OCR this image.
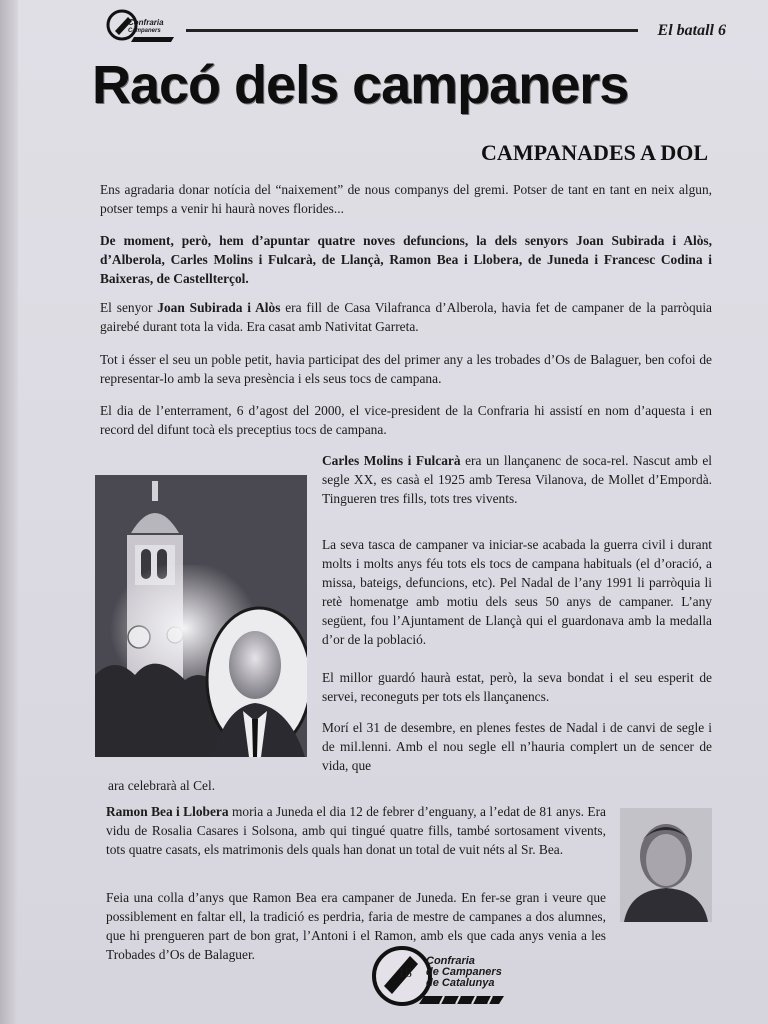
Confraria
Campaners	El batall 6
Racó dels campaners
CAMPANADES A DOL
Ens agradaria donar notícia del “naixement” de nous companys del gremi. Potser de tant en tant en neix algun, potser temps a venir hi haurà noves florides...
De moment, però, hem d’apuntar quatre noves defuncions, la dels senyors Joan Subirada i Alòs, d’Alberola, Carles Molins i Fulcarà, de Llançà, Ramon Bea i Llobera, de Juneda i Francesc Codina i Baixeras, de Castellterçol.
El senyor Joan Subirada i Alòs era fill de Casa Vilafranca d’Alberola, havia fet de campaner de la parròquia gairebé durant tota la vida. Era casat amb Nativitat Garreta.
Tot i ésser el seu un poble petit, havia participat des del primer any a les trobades d’Os de Balaguer, ben cofoi de representar-lo amb la seva presència i els seus tocs de campana.
El dia de l’enterrament, 6 d’agost del 2000, el vice-president de la Confraria hi assistí en nom d’aquesta i en record del difunt tocà els preceptius tocs de campana.
Carles Molins i Fulcarà era un llançanenc de soca-rel. Nascut amb el segle XX, es casà el 1925 amb Teresa Vilanova, de Mollet d’Empordà. Tingueren tres fills, tots tres vivents.
La seva tasca de campaner va iniciar-se acabada la guerra civil i durant molts i molts anys féu tots els tocs de campana habituals (el d’oració, a missa, bateigs, defuncions, etc). Pel Nadal de l’any 1991 li parròquia li retè homenatge amb motiu dels seus 50 anys de campaner. L’any següent, fou l’Ajuntament de Llançà qui el guardonava amb la medalla d’or de la població.
El millor guardó haurà estat, però, la seva bondat i el seu esperit de servei, reconeguts per tots els llançanencs.
Morí el 31 de desembre, en plenes festes de Nadal i de canvi de segle i de mil.lenni. Amb el nou segle ell n’hauria complert un de sencer de vida, que
ara celebrarà al Cel.
Ramon Bea i Llobera moria a Juneda el dia 12 de febrer d’enguany, a l’edat de 81 anys. Era vidu de Rosalia Casares i Solsona, amb qui tingué quatre fills, també sortosament vivents, tots quatre casats, els matrimonis dels quals han donat un total de vuit néts al Sr. Bea.
Feia una colla d’anys que Ramon Bea era campaner de Juneda. En fer-se gran i veure que possiblement en faltar ell, la tradició es perdria, faria de mestre de campanes a dos alumnes, que hi prengueren part de bon grat, l’Antoni i el Ramon, amb els que cada anys venia a les Trobades d’Os de Balaguer.	Confraria
de Campaners
de Catalunya
18
